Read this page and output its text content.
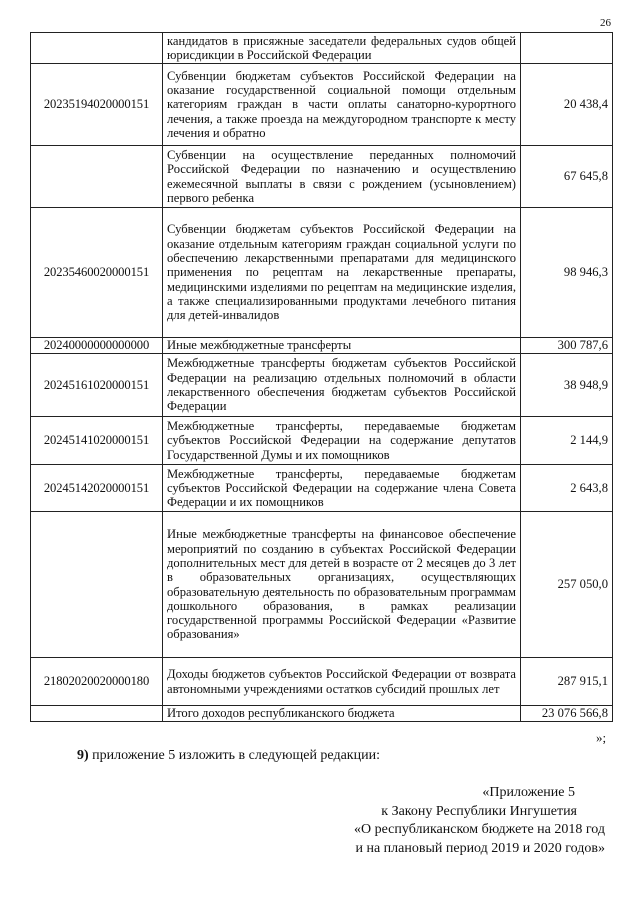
26
	кандидатов в присяжные заседатели федеральных судов общей юрисдикции в Российской Федерации	
20235194020000151	Субвенции бюджетам субъектов Российской Федерации на оказание государственной социальной помощи отдельным категориям граждан в части оплаты санаторно-курортного лечения, а также проезда на междугородном транспорте к месту лечения и обратно	20 438,4
	Субвенции на осуществление переданных полномочий Российской Федерации по назначению и осуществлению ежемесячной выплаты в связи с рождением (усыновлением) первого ребенка	67 645,8
20235460020000151	Субвенции бюджетам субъектов Российской Федерации на оказание отдельным категориям граждан социальной услуги по обеспечению лекарственными препаратами для медицинского применения по рецептам на лекарственные препараты, медицинскими изделиями по рецептам на медицинские изделия, а также специализированными продуктами лечебного питания для детей-инвалидов	98 946,3
20240000000000000	Иные межбюджетные трансферты	300 787,6
20245161020000151	Межбюджетные трансферты бюджетам субъектов Российской Федерации на реализацию отдельных полномочий в области лекарственного обеспечения бюджетам субъектов Российской Федерации	38 948,9
20245141020000151	Межбюджетные трансферты, передаваемые бюджетам субъектов Российской Федерации на содержание депутатов Государственной Думы и их помощников	2 144,9
20245142020000151	Межбюджетные трансферты, передаваемые бюджетам субъектов Российской Федерации на содержание члена Совета Федерации и их помощников	2 643,8
	Иные межбюджетные трансферты на финансовое обеспечение мероприятий по созданию в субъектах Российской Федерации дополнительных мест для детей в возрасте от 2 месяцев до 3 лет в образовательных организациях, осуществляющих образовательную деятельность по образовательным программам дошкольного образования, в рамках реализации государственной программы Российской Федерации «Развитие образования»	257 050,0
21802020020000180	Доходы бюджетов субъектов Российской Федерации от возврата автономными учреждениями остатков субсидий прошлых лет	287 915,1
	Итого доходов республиканского бюджета	23 076 566,8
»;
9) приложение 5 изложить в следующей редакции:
«Приложение 5
к Закону Республики Ингушетия
«О республиканском бюджете на 2018 год
и на плановый период 2019 и 2020 годов»
